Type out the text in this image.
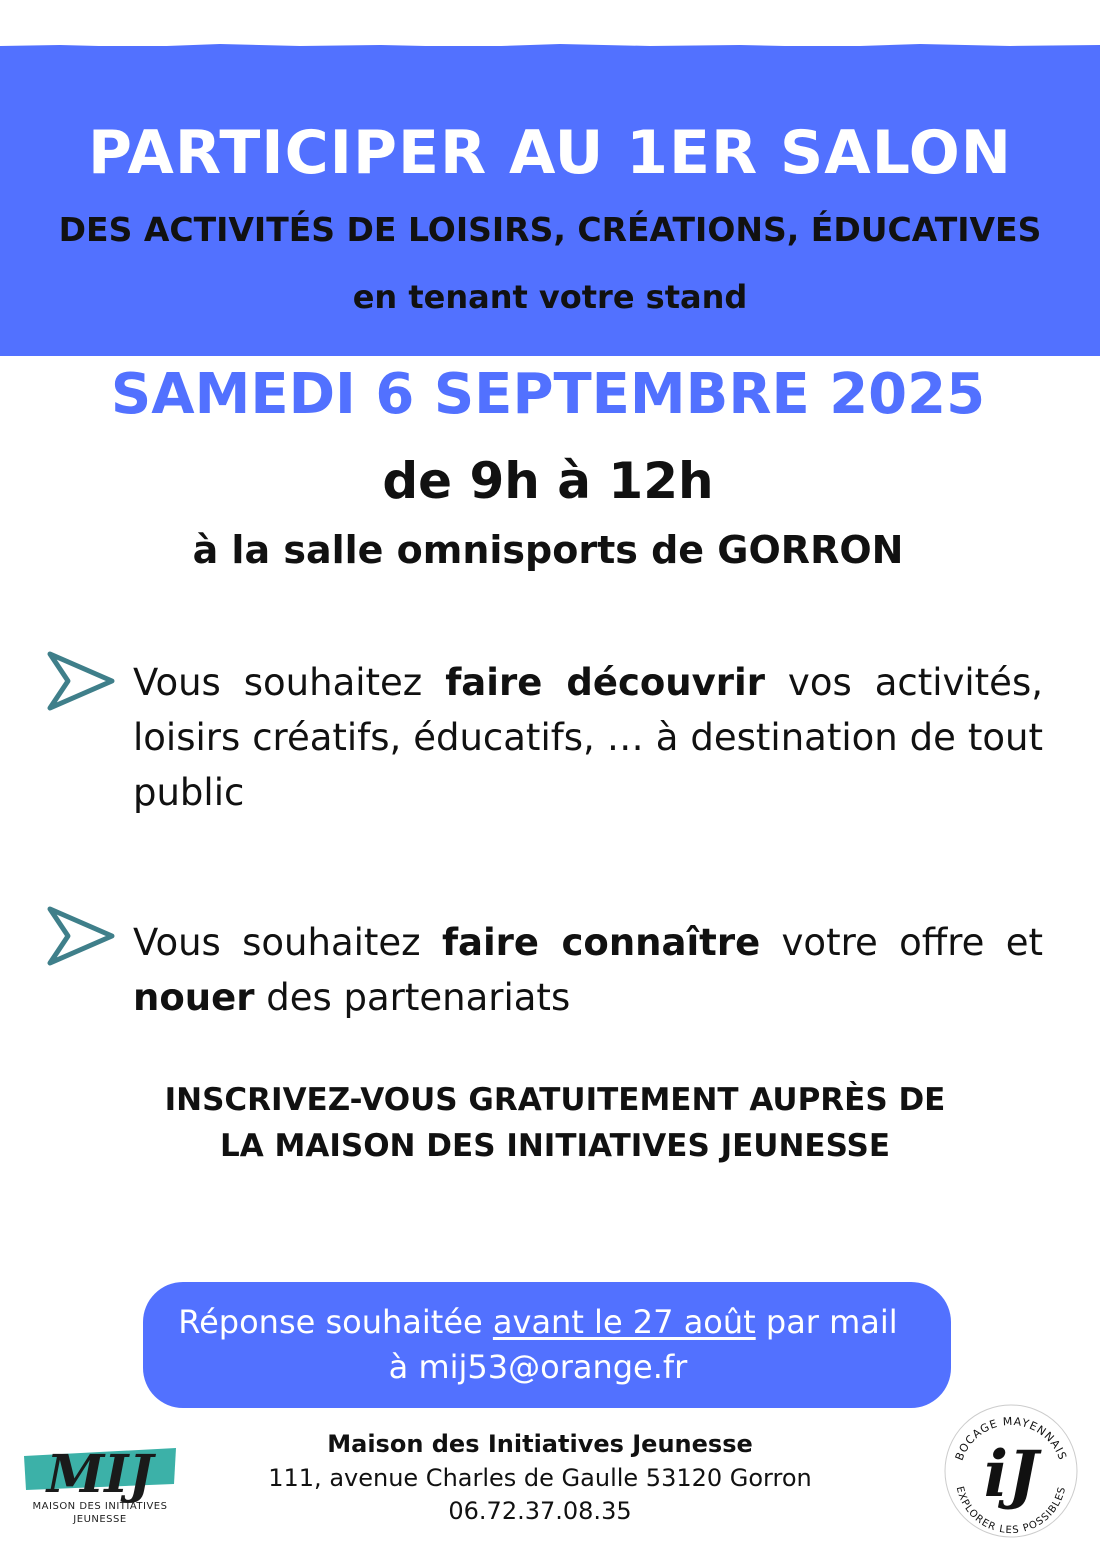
PARTICIPER AU 1ER SALON
DES ACTIVITÉS DE LOISIRS, CRÉATIONS, ÉDUCATIVES
en tenant votre stand
SAMEDI 6 SEPTEMBRE 2025
de 9h à 12h
à la salle omnisports de GORRON
Vous souhaitez faire découvrir vos activités, loisirs créatifs, éducatifs, … à destination de tout public
Vous souhaitez faire connaître votre offre et nouer des partenariats
INSCRIVEZ-VOUS GRATUITEMENT AUPRÈS DE
LA MAISON DES INITIATIVES JEUNESSE
Réponse souhaitée avant le 27 août par mail
à mij53@orange.fr
Maison des Initiatives Jeunesse
111, avenue Charles de Gaulle 53120 Gorron
06.72.37.08.35
MIJ
MAISON DES INITIATIVES
JEUNESSE
BOCAGE MAYENNAIS
EXPLORER LES POSSIBLES
iJ
